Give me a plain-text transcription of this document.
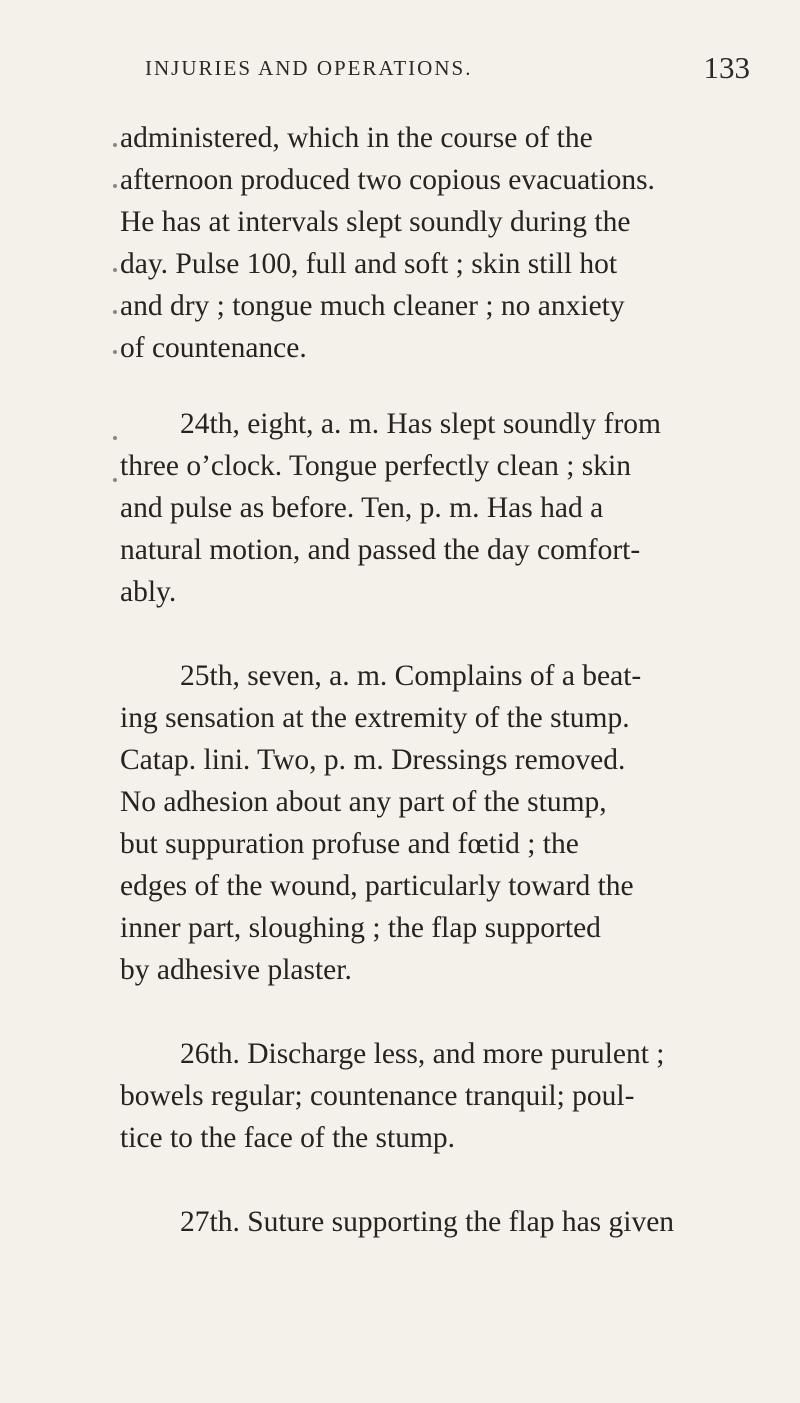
INJURIES AND OPERATIONS.	133
administered, which in the course of the
afternoon produced two copious evacuations.
He has at intervals slept soundly during the
day. Pulse 100, full and soft ; skin still hot
and dry ; tongue much cleaner ; no anxiety
of countenance.
24th, eight, a. m. Has slept soundly from
three o’clock. Tongue perfectly clean ; skin
and pulse as before. Ten, p. m. Has had a
natural motion, and passed the day comfort-
ably.
25th, seven, a. m. Complains of a beat-
ing sensation at the extremity of the stump.
Catap. lini. Two, p. m. Dressings removed.
No adhesion about any part of the stump,
but suppuration profuse and fœtid ; the
edges of the wound, particularly toward the
inner part, sloughing ; the flap supported
by adhesive plaster.
26th. Discharge less, and more purulent ;
bowels regular; countenance tranquil; poul-
tice to the face of the stump.
27th. Suture supporting the flap has given
